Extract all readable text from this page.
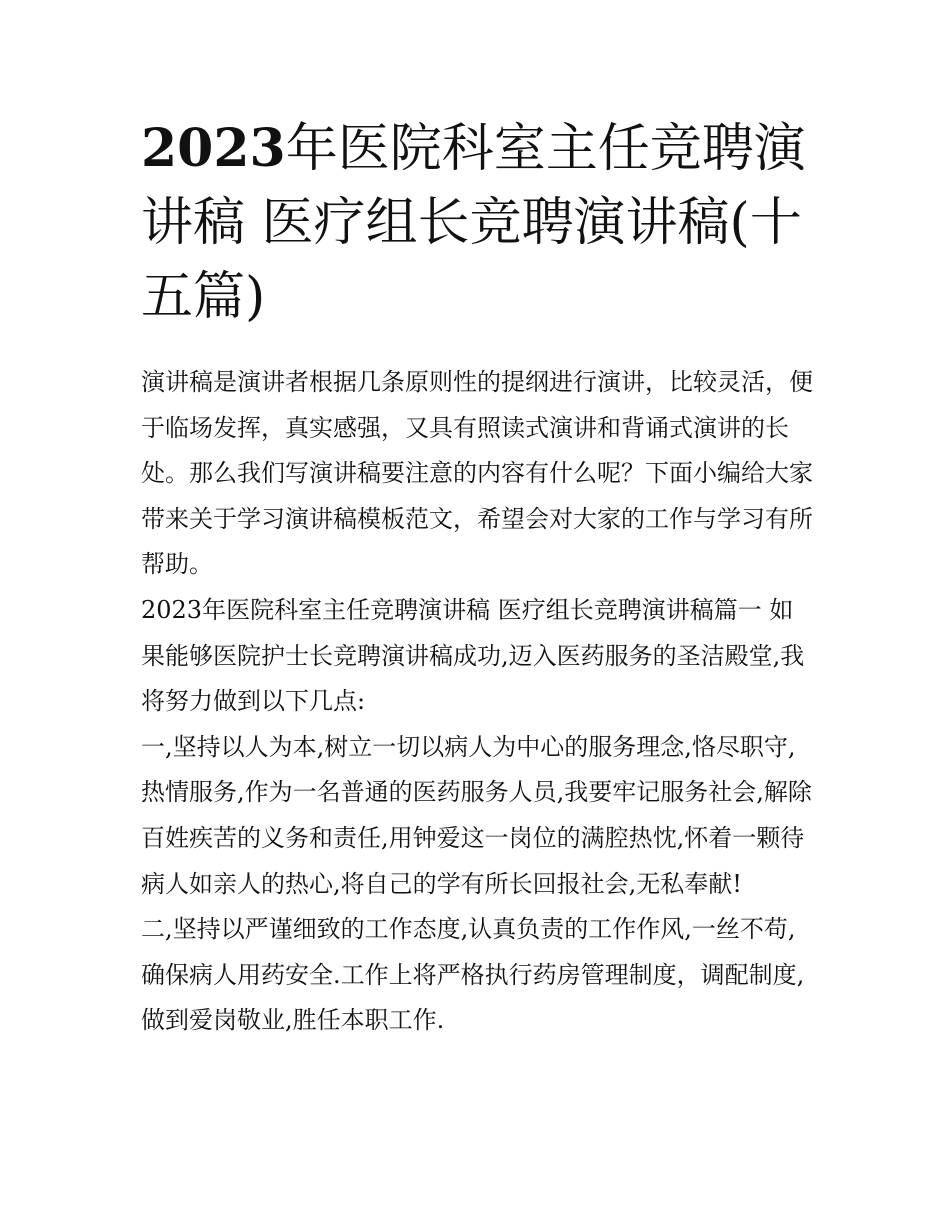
2023年医院科室主任竞聘演讲稿 医疗组长竞聘演讲稿(十五篇)

演讲稿是演讲者根据几条原则性的提纲进行演讲，比较灵活，便于临场发挥，真实感强，又具有照读式演讲和背诵式演讲的长处。那么我们写演讲稿要注意的内容有什么呢？下面小编给大家带来关于学习演讲稿模板范文，希望会对大家的工作与学习有所帮助。

2023年医院科室主任竞聘演讲稿 医疗组长竞聘演讲稿篇一 如果能够医院护士长竞聘演讲稿成功,迈入医药服务的圣洁殿堂,我将努力做到以下几点:

一,坚持以人为本,树立一切以病人为中心的服务理念,恪尽职守,热情服务,作为一名普通的医药服务人员,我要牢记服务社会,解除百姓疾苦的义务和责任,用钟爱这一岗位的满腔热忱,怀着一颗待病人如亲人的热心,将自己的学有所长回报社会,无私奉献!

二,坚持以严谨细致的工作态度,认真负责的工作作风,一丝不苟,确保病人用药安全.工作上将严格执行药房管理制度，调配制度,做到爱岗敬业,胜任本职工作.
